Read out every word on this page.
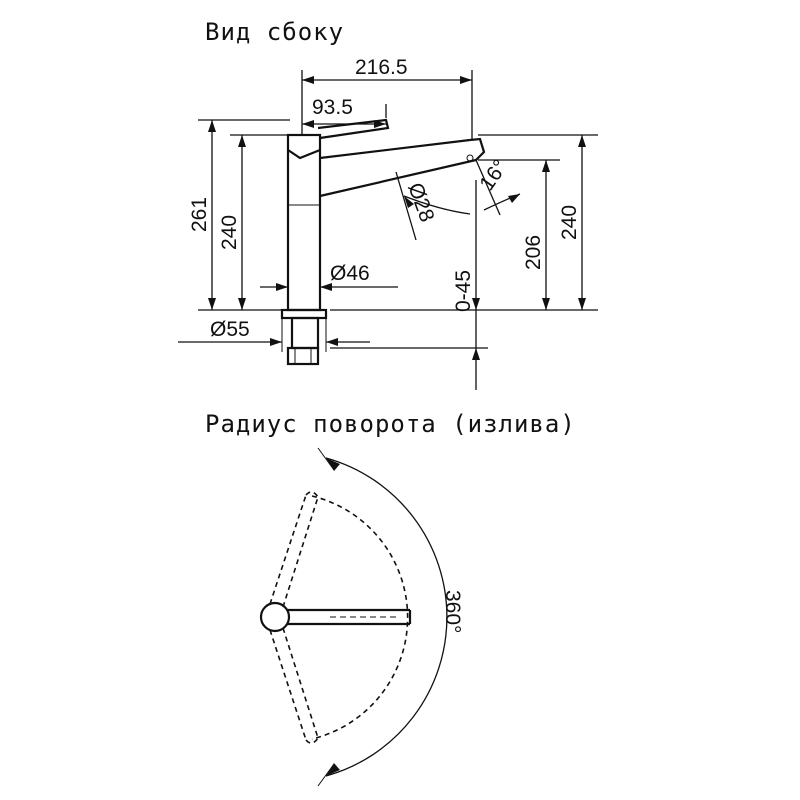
Вид сбоку
Радиус поворота (излива)
216.5
93.5
261
240
Ø46
Ø55
0-45
Ø28
16°
206
240
360°
